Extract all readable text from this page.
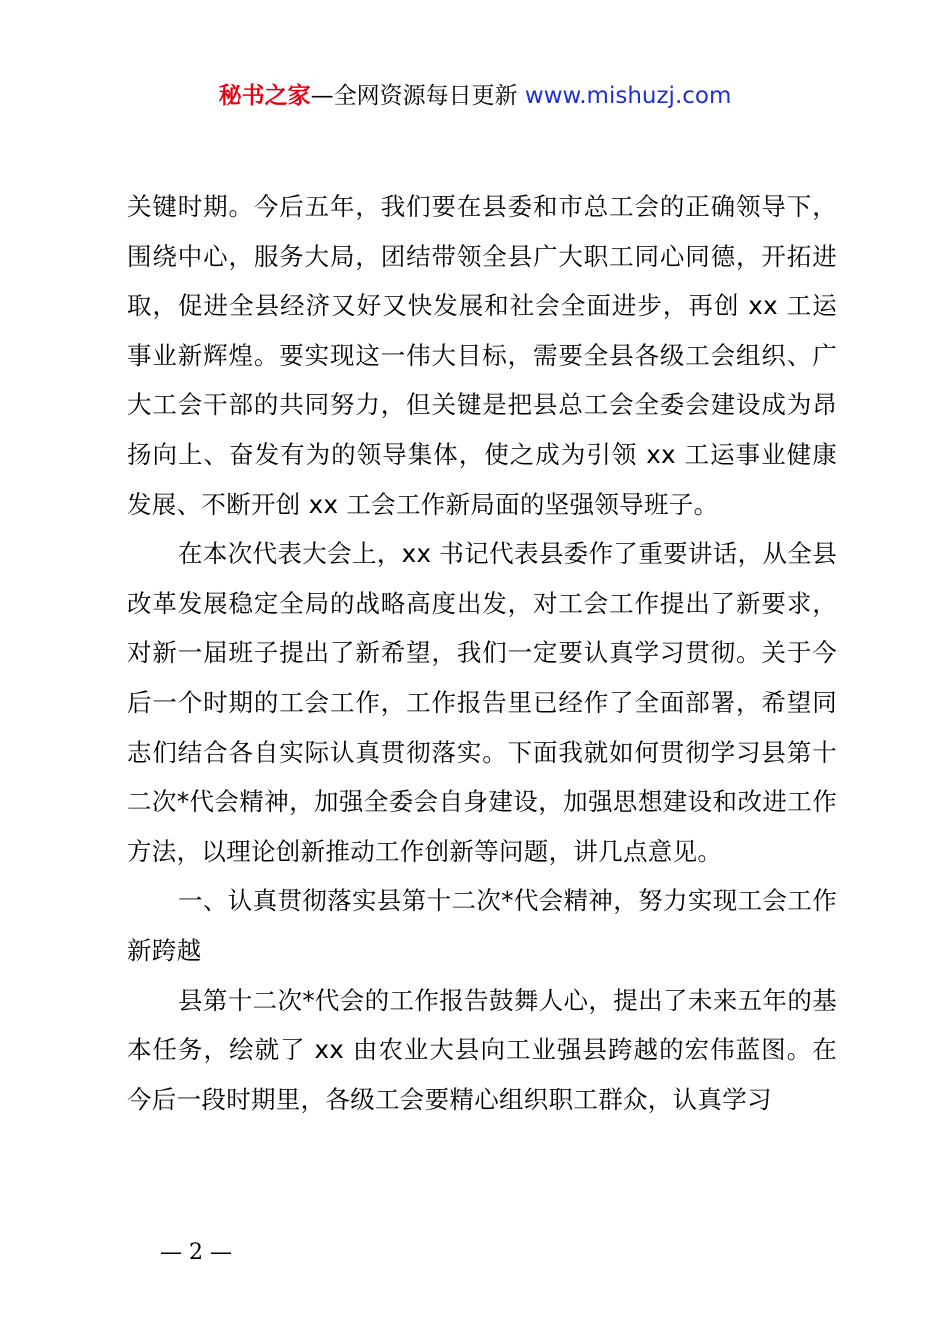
秘书之家—全网资源每日更新 www.mishuzj.com

关键时期。今后五年，我们要在县委和市总工会的正确领导下，围绕中心，服务大局，团结带领全县广大职工同心同德，开拓进取，促进全县经济又好又快发展和社会全面进步，再创 xx 工运事业新辉煌。要实现这一伟大目标，需要全县各级工会组织、广大工会干部的共同努力，但关键是把县总工会全委会建设成为昂扬向上、奋发有为的领导集体，使之成为引领 xx 工运事业健康发展、不断开创 xx 工会工作新局面的坚强领导班子。

在本次代表大会上，xx 书记代表县委作了重要讲话，从全县改革发展稳定全局的战略高度出发，对工会工作提出了新要求，对新一届班子提出了新希望，我们一定要认真学习贯彻。关于今后一个时期的工会工作，工作报告里已经作了全面部署，希望同志们结合各自实际认真贯彻落实。下面我就如何贯彻学习县第十二次*代会精神，加强全委会自身建设，加强思想建设和改进工作方法，以理论创新推动工作创新等问题，讲几点意见。

一、认真贯彻落实县第十二次*代会精神，努力实现工会工作新跨越

县第十二次*代会的工作报告鼓舞人心，提出了未来五年的基本任务，绘就了 xx 由农业大县向工业强县跨越的宏伟蓝图。在今后一段时期里，各级工会要精心组织职工群众，认真学习

— 2 —
